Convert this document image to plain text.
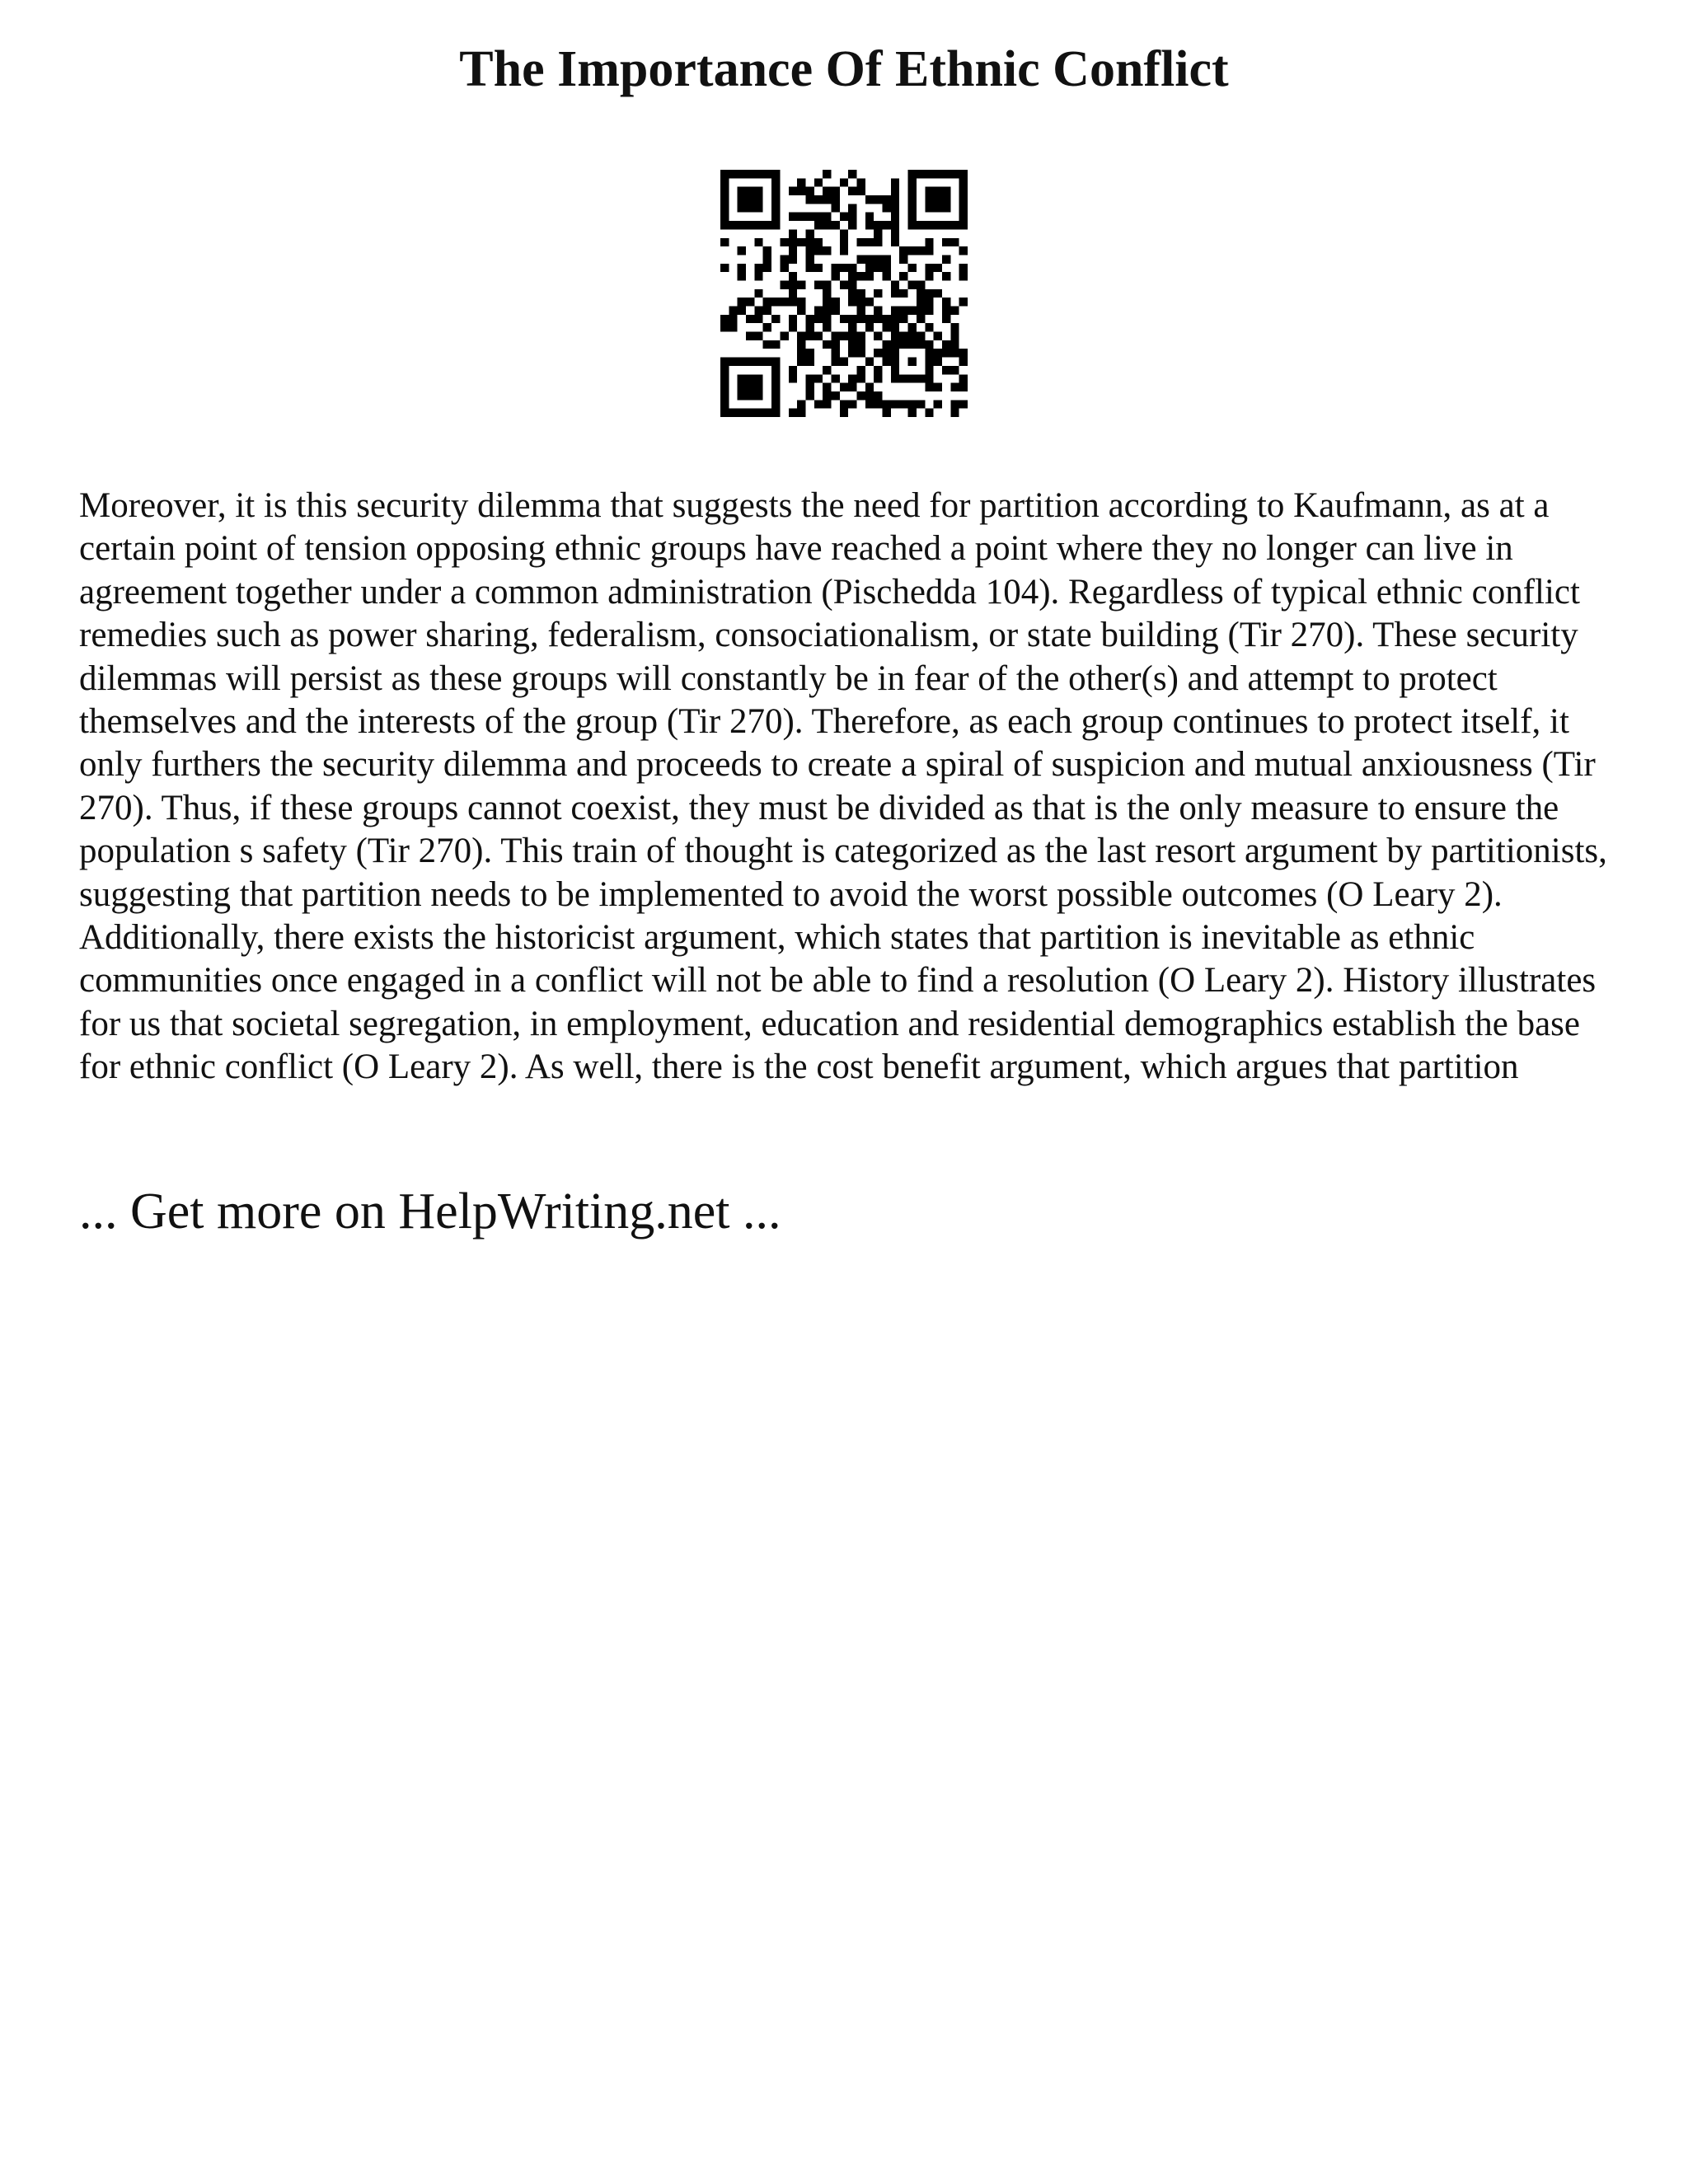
The Importance Of Ethnic Conflict

Moreover, it is this security dilemma that suggests the need for partition according to Kaufmann, as at a certain point of tension opposing ethnic groups have reached a point where they no longer can live in agreement together under a common administration (Pischedda 104). Regardless of typical ethnic conflict remedies such as power sharing, federalism, consociationalism, or state building (Tir 270). These security dilemmas will persist as these groups will constantly be in fear of the other(s) and attempt to protect themselves and the interests of the group (Tir 270). Therefore, as each group continues to protect itself, it only furthers the security dilemma and proceeds to create a spiral of suspicion and mutual anxiousness (Tir 270). Thus, if these groups cannot coexist, they must be divided as that is the only measure to ensure the population s safety (Tir 270). This train of thought is categorized as the last resort argument by partitionists, suggesting that partition needs to be implemented to avoid the worst possible outcomes (O Leary 2). Additionally, there exists the historicist argument, which states that partition is inevitable as ethnic communities once engaged in a conflict will not be able to find a resolution (O Leary 2). History illustrates for us that societal segregation, in employment, education and residential demographics establish the base for ethnic conflict (O Leary 2). As well, there is the cost benefit argument, which argues that partition

... Get more on HelpWriting.net ...
